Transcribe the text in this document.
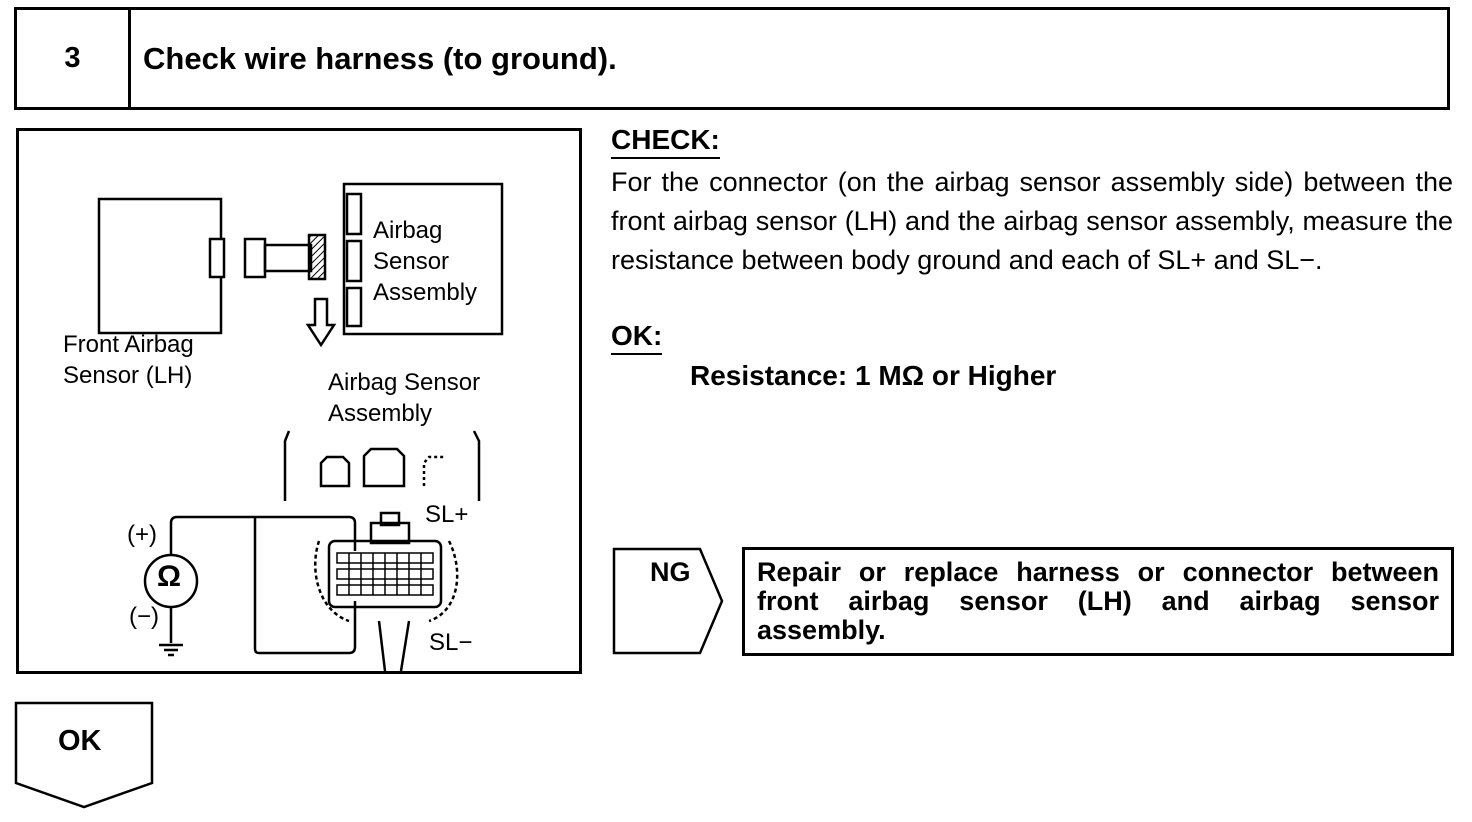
3	Check wire harness (to ground).
Front Airbag
Sensor (LH)
Airbag
Sensor
Assembly
Airbag Sensor
Assembly
(+)
Ω
(−)
SL+
SL−
CHECK:
For the connector (on the airbag sensor assembly side) between the front airbag sensor (LH) and the airbag sensor assembly, measure the resistance between body ground and each of SL+ and SL−.
OK:
Resistance: 1 MΩ or Higher
NG	Repair or replace harness or connector between front airbag sensor (LH) and airbag sensor assembly.
OK
